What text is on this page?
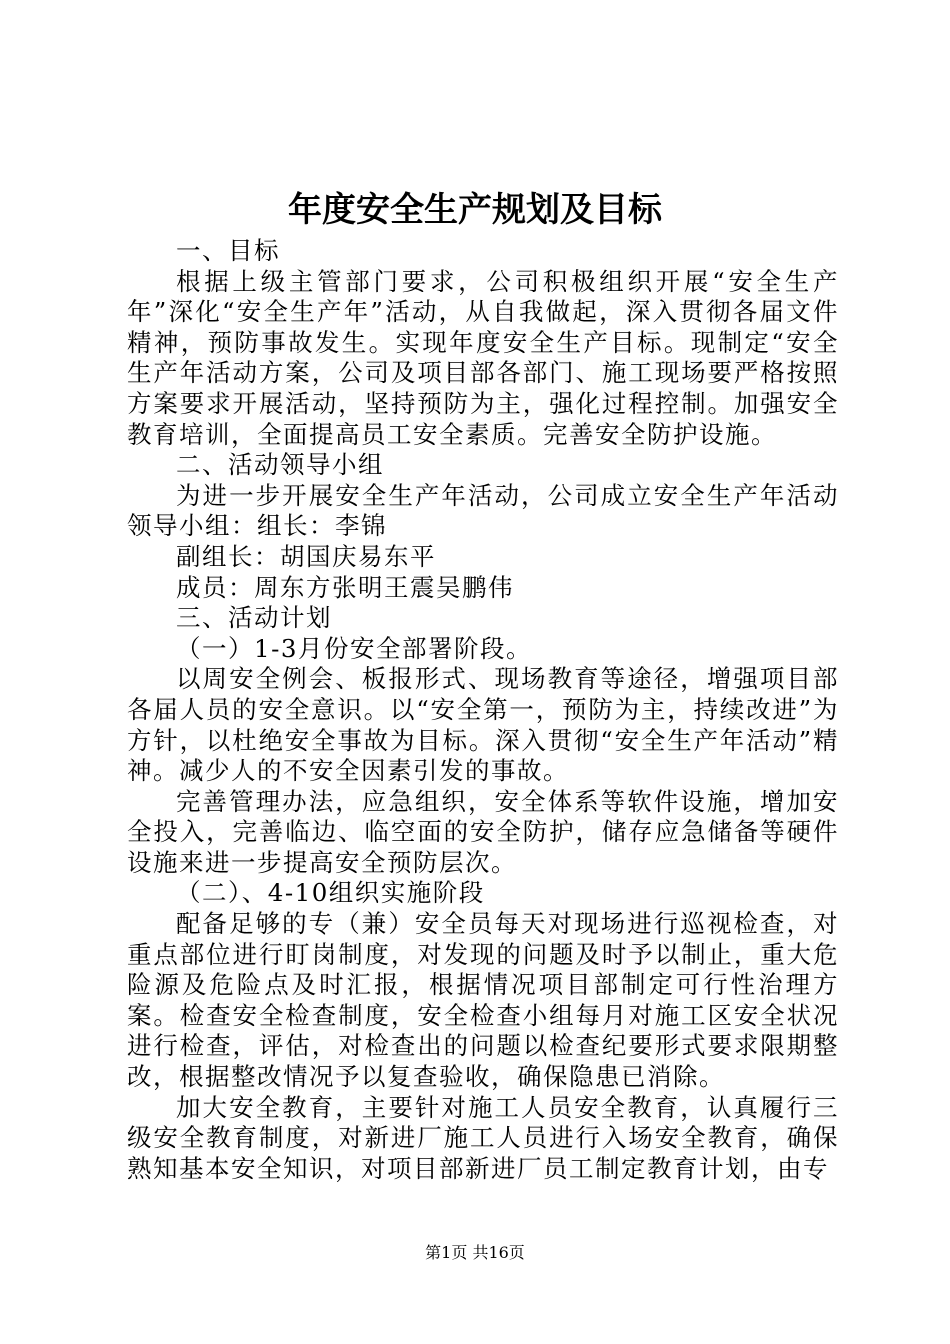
年度安全生产规划及目标

一、目标

根据上级主管部门要求，公司积极组织开展“安全生产年”深化“安全生产年”活动，从自我做起，深入贯彻各届文件精神，预防事故发生。实现年度安全生产目标。现制定“安全生产年活动方案，公司及项目部各部门、施工现场要严格按照方案要求开展活动，坚持预防为主，强化过程控制。加强安全教育培训，全面提高员工安全素质。完善安全防护设施。

二、活动领导小组

为进一步开展安全生产年活动，公司成立安全生产年活动领导小组：组长：李锦

副组长：胡国庆易东平

成员：周东方张明王震吴鹏伟

三、活动计划

（一）1-3月份安全部署阶段。

以周安全例会、板报形式、现场教育等途径，增强项目部各届人员的安全意识。以“安全第一，预防为主，持续改进”为方针，以杜绝安全事故为目标。深入贯彻“安全生产年活动”精神。减少人的不安全因素引发的事故。

完善管理办法，应急组织，安全体系等软件设施，增加安全投入，完善临边、临空面的安全防护，储存应急储备等硬件设施来进一步提高安全预防层次。

（二）、4-10组织实施阶段

配备足够的专（兼）安全员每天对现场进行巡视检查，对重点部位进行盯岗制度，对发现的问题及时予以制止，重大危险源及危险点及时汇报，根据情况项目部制定可行性治理方案。检查安全检查制度，安全检查小组每月对施工区安全状况进行检查，评估，对检查出的问题以检查纪要形式要求限期整改，根据整改情况予以复查验收，确保隐患已消除。

加大安全教育，主要针对施工人员安全教育，认真履行三级安全教育制度，对新进厂施工人员进行入场安全教育，确保熟知基本安全知识，对项目部新进厂员工制定教育计划，由专

第1页 共16页
